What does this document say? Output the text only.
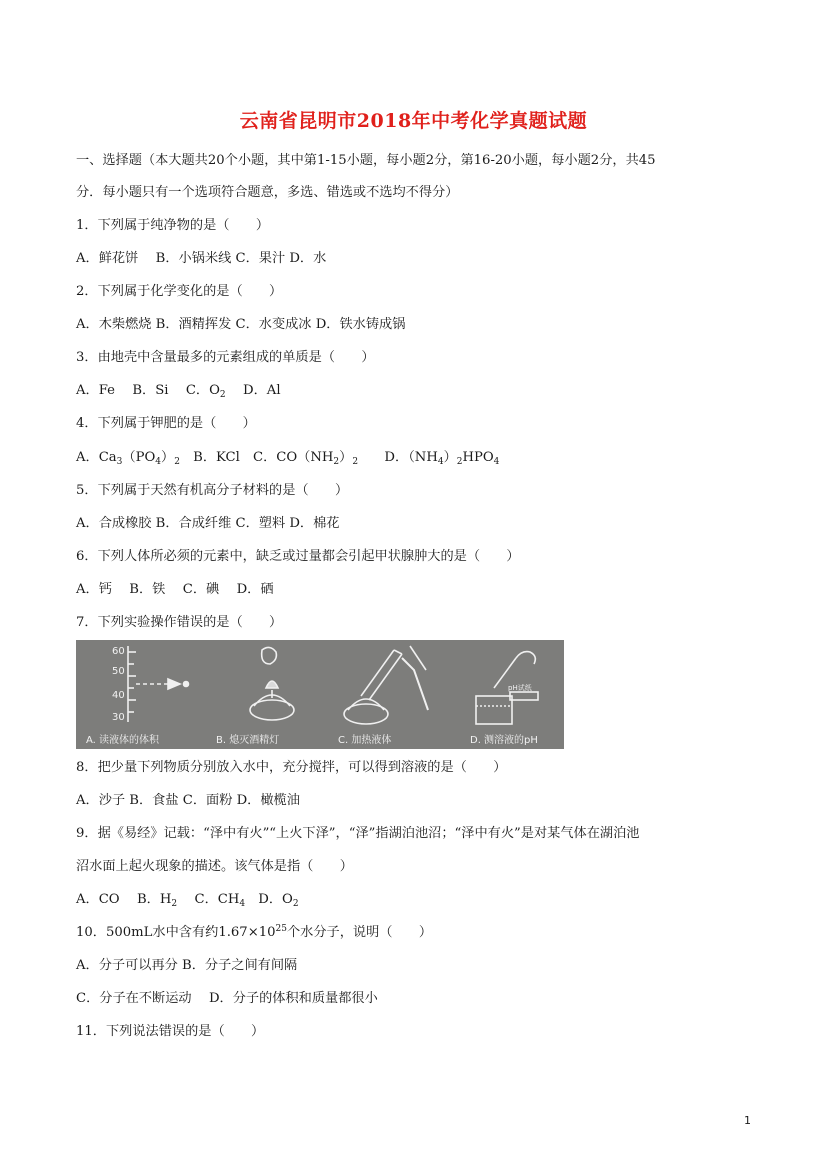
云南省昆明市2018年中考化学真题试题
一、选择题（本大题共20个小题，其中第1-15小题，每小题2分，第16-20小题，每小题2分，共45
分．每小题只有一个选项符合题意，多选、错选或不选均不得分）
1．下列属于纯净物的是（　　）
A．鲜花饼　 B．小锅米线 C．果汁 D．水
2．下列属于化学变化的是（　　）
A．木柴燃烧 B．酒精挥发 C．水变成冰 D．铁水铸成锅
3．由地壳中含量最多的元素组成的单质是（　　）
A．Fe　 B．Si　 C．$O_2$　 D．Al
4．下列属于钾肥的是（　　）
A．$Ca_3(PO_4)_2$　B．KCl　C．$CO(NH_2)_2$　　D．$(NH_4)_2HPO_4$
5．下列属于天然有机高分子材料的是（　　）
A．合成橡胶 B．合成纤维 C．塑料 D．棉花
6．下列人体所必须的元素中，缺乏或过量都会引起甲状腺肿大的是（　　）
A．钙　 B．铁　 C．碘　 D．硒
7．下列实验操作错误的是（　　）
60
50
40
30
pH试纸
A. 读液体的体积	B. 熄灭酒精灯	C. 加热液体	D. 测溶液的pH
8．把少量下列物质分别放入水中，充分搅拌，可以得到溶液的是（　　）
A．沙子 B．食盐 C．面粉 D．橄榄油
9．据《易经》记载：“泽中有火”“上火下泽”，“泽”指湖泊池沼；“泽中有火”是对某气体在湖泊池
沼水面上起火现象的描述。该气体是指（　　）
A．CO　 B．$H_2$　 C．$CH_4$　D．$O_2$
10．500mL水中含有约$1.67\times 10^{25}$个水分子，说明（　　）
A．分子可以再分 B．分子之间有间隔
C．分子在不断运动　 D．分子的体积和质量都很小
11．下列说法错误的是（　　）
1
